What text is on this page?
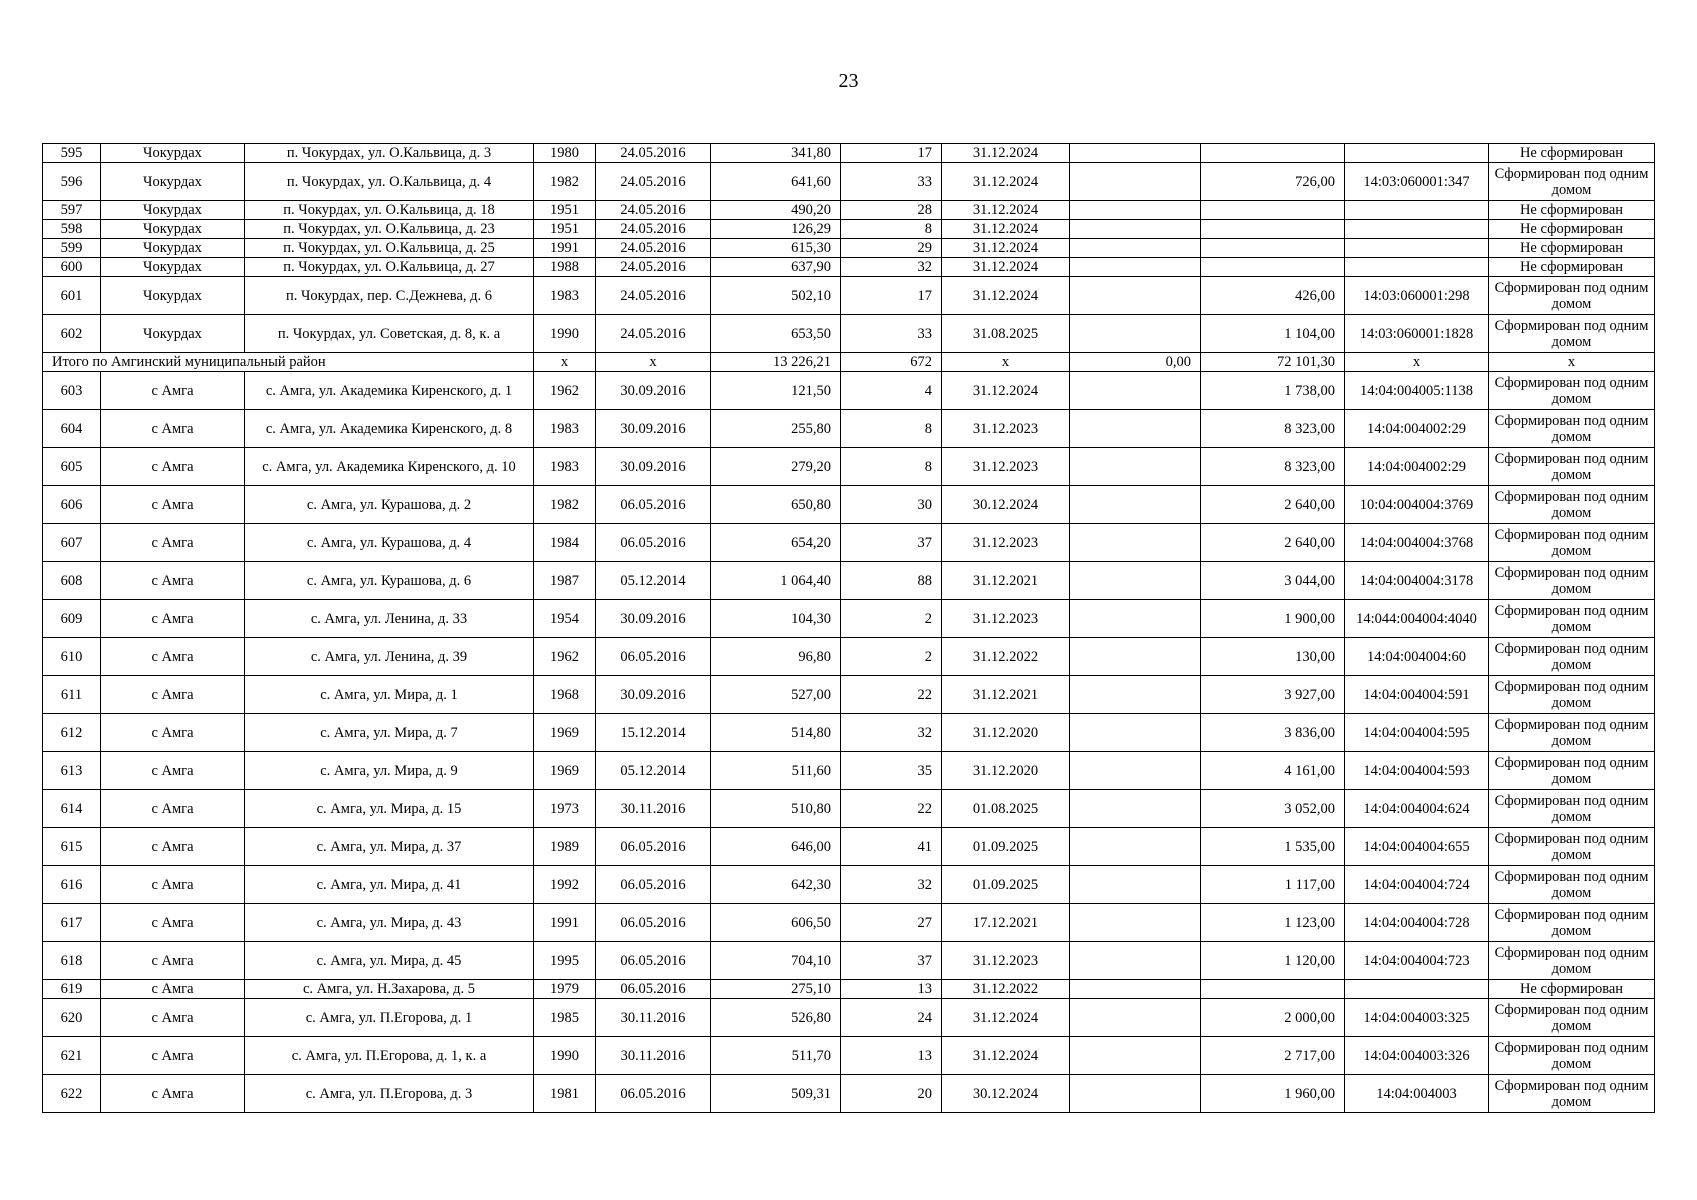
23
595	Чокурдах	п. Чокурдах, ул. О.Кальвица, д. 3	1980	24.05.2016	341,80	17	31.12.2024				Не сформирован
596	Чокурдах	п. Чокурдах, ул. О.Кальвица, д. 4	1982	24.05.2016	641,60	33	31.12.2024		726,00	14:03:060001:347	Сформирован под одним домом
597	Чокурдах	п. Чокурдах, ул. О.Кальвица, д. 18	1951	24.05.2016	490,20	28	31.12.2024				Не сформирован
598	Чокурдах	п. Чокурдах, ул. О.Кальвица, д. 23	1951	24.05.2016	126,29	8	31.12.2024				Не сформирован
599	Чокурдах	п. Чокурдах, ул. О.Кальвица, д. 25	1991	24.05.2016	615,30	29	31.12.2024				Не сформирован
600	Чокурдах	п. Чокурдах, ул. О.Кальвица, д. 27	1988	24.05.2016	637,90	32	31.12.2024				Не сформирован
601	Чокурдах	п. Чокурдах, пер. С.Дежнева, д. 6	1983	24.05.2016	502,10	17	31.12.2024		426,00	14:03:060001:298	Сформирован под одним домом
602	Чокурдах	п. Чокурдах, ул. Советская, д. 8, к. а	1990	24.05.2016	653,50	33	31.08.2025		1 104,00	14:03:060001:1828	Сформирован под одним домом
Итого по Амгинский муниципальный район			х	х	13 226,21	672	х	0,00	72 101,30	х	х
603	с Амга	с. Амга, ул. Академика Киренского, д. 1	1962	30.09.2016	121,50	4	31.12.2024		1 738,00	14:04:004005:1138	Сформирован под одним домом
604	с Амга	с. Амга, ул. Академика Киренского, д. 8	1983	30.09.2016	255,80	8	31.12.2023		8 323,00	14:04:004002:29	Сформирован под одним домом
605	с Амга	с. Амга, ул. Академика Киренского, д. 10	1983	30.09.2016	279,20	8	31.12.2023		8 323,00	14:04:004002:29	Сформирован под одним домом
606	с Амга	с. Амга, ул. Курашова, д. 2	1982	06.05.2016	650,80	30	30.12.2024		2 640,00	10:04:004004:3769	Сформирован под одним домом
607	с Амга	с. Амга, ул. Курашова, д. 4	1984	06.05.2016	654,20	37	31.12.2023		2 640,00	14:04:004004:3768	Сформирован под одним домом
608	с Амга	с. Амга, ул. Курашова, д. 6	1987	05.12.2014	1 064,40	88	31.12.2021		3 044,00	14:04:004004:3178	Сформирован под одним домом
609	с Амга	с. Амга, ул. Ленина, д. 33	1954	30.09.2016	104,30	2	31.12.2023		1 900,00	14:044:004004:4040	Сформирован под одним домом
610	с Амга	с. Амга, ул. Ленина, д. 39	1962	06.05.2016	96,80	2	31.12.2022		130,00	14:04:004004:60	Сформирован под одним домом
611	с Амга	с. Амга, ул. Мира, д. 1	1968	30.09.2016	527,00	22	31.12.2021		3 927,00	14:04:004004:591	Сформирован под одним домом
612	с Амга	с. Амга, ул. Мира, д. 7	1969	15.12.2014	514,80	32	31.12.2020		3 836,00	14:04:004004:595	Сформирован под одним домом
613	с Амга	с. Амга, ул. Мира, д. 9	1969	05.12.2014	511,60	35	31.12.2020		4 161,00	14:04:004004:593	Сформирован под одним домом
614	с Амга	с. Амга, ул. Мира, д. 15	1973	30.11.2016	510,80	22	01.08.2025		3 052,00	14:04:004004:624	Сформирован под одним домом
615	с Амга	с. Амга, ул. Мира, д. 37	1989	06.05.2016	646,00	41	01.09.2025		1 535,00	14:04:004004:655	Сформирован под одним домом
616	с Амга	с. Амга, ул. Мира, д. 41	1992	06.05.2016	642,30	32	01.09.2025		1 117,00	14:04:004004:724	Сформирован под одним домом
617	с Амга	с. Амга, ул. Мира, д. 43	1991	06.05.2016	606,50	27	17.12.2021		1 123,00	14:04:004004:728	Сформирован под одним домом
618	с Амга	с. Амга, ул. Мира, д. 45	1995	06.05.2016	704,10	37	31.12.2023		1 120,00	14:04:004004:723	Сформирован под одним домом
619	с Амга	с. Амга, ул. Н.Захарова, д. 5	1979	06.05.2016	275,10	13	31.12.2022				Не сформирован
620	с Амга	с. Амга, ул. П.Егорова, д. 1	1985	30.11.2016	526,80	24	31.12.2024		2 000,00	14:04:004003:325	Сформирован под одним домом
621	с Амга	с. Амга, ул. П.Егорова, д. 1, к. а	1990	30.11.2016	511,70	13	31.12.2024		2 717,00	14:04:004003:326	Сформирован под одним домом
622	с Амга	с. Амга, ул. П.Егорова, д. 3	1981	06.05.2016	509,31	20	30.12.2024		1 960,00	14:04:004003	Сформирован под одним домом
